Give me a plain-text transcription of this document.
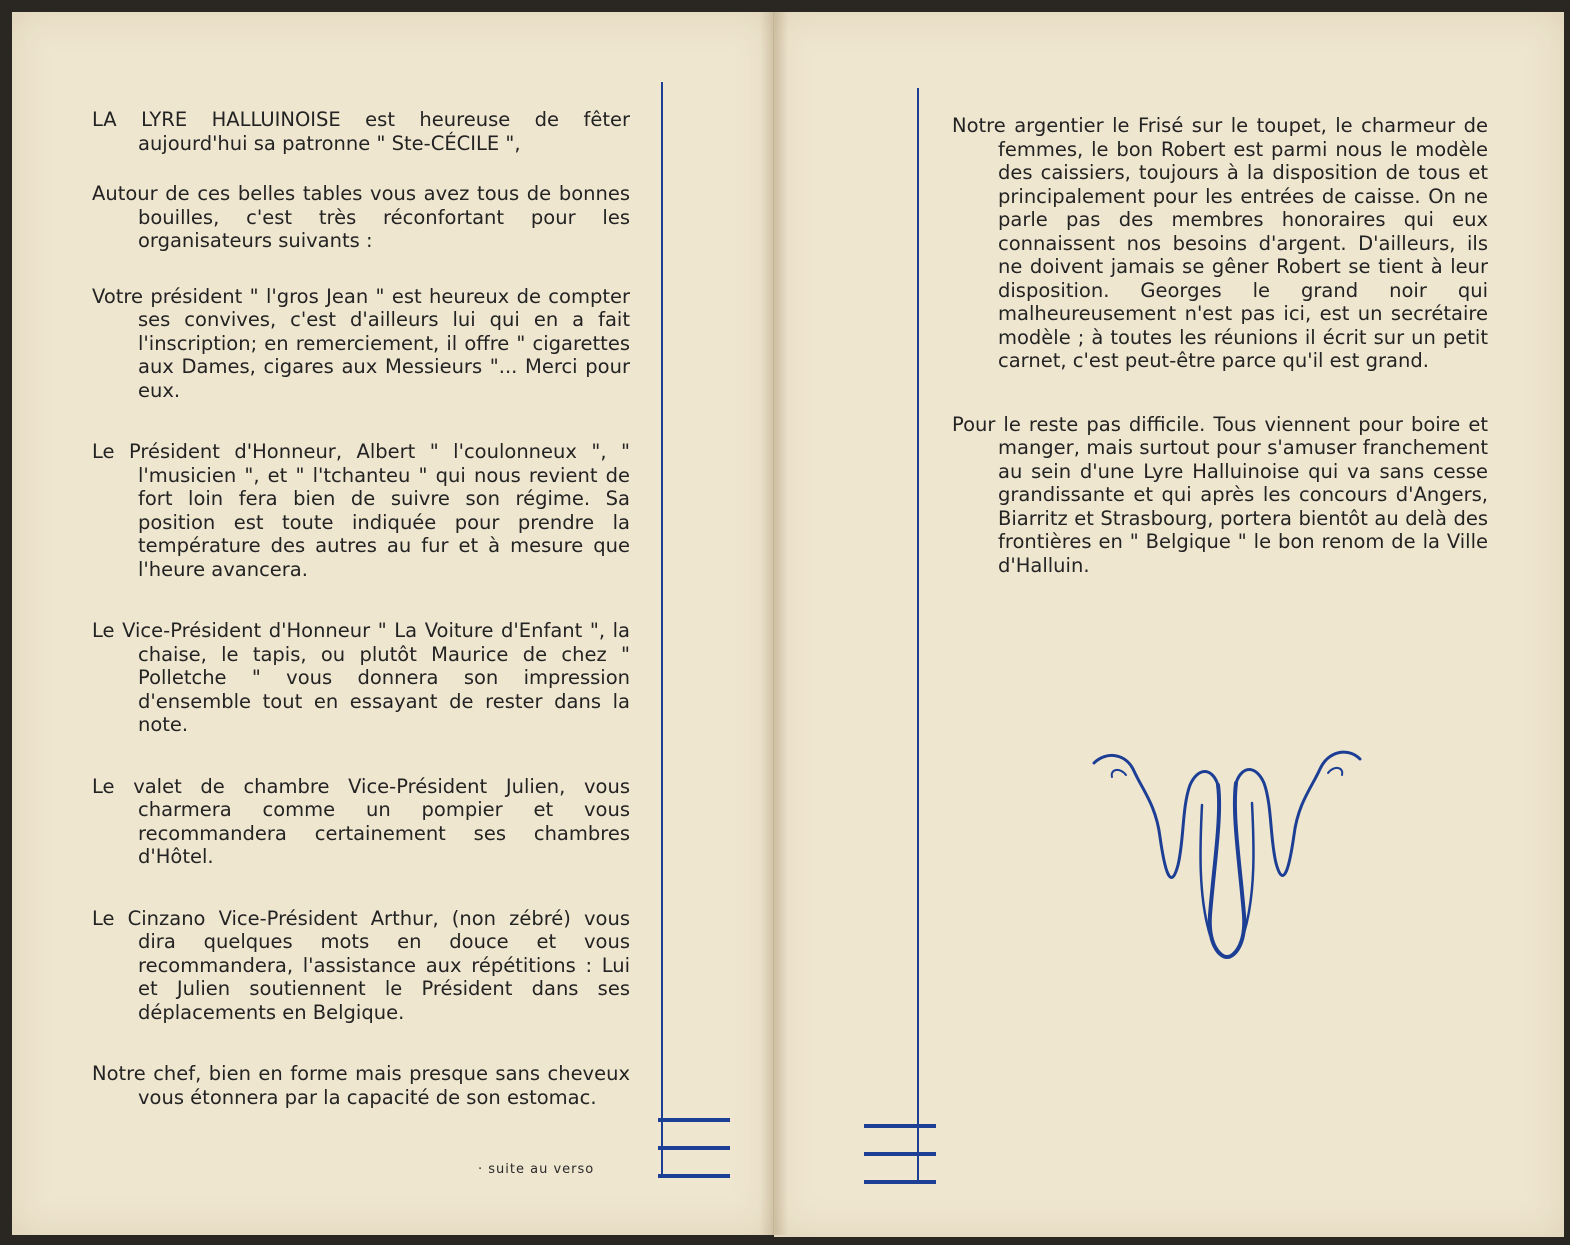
LA LYRE HALLUINOISE est heureuse de fêter aujourd'hui sa patronne " Ste-CÉCILE ",

Autour de ces belles tables vous avez tous de bonnes bouilles, c'est très réconfortant pour les organisateurs suivants :

Votre président " l'gros Jean " est heureux de compter ses convives, c'est d'ailleurs lui qui en a fait l'inscription; en remerciement, il offre " cigarettes aux Dames, cigares aux Messieurs "... Merci pour eux.

Le Président d'Honneur, Albert " l'coulonneux ", " l'musicien ", et " l'tchanteu " qui nous revient de fort loin fera bien de suivre son régime. Sa position est toute indiquée pour prendre la température des autres au fur et à mesure que l'heure avancera.

Le Vice-Président d'Honneur " La Voiture d'Enfant ", la chaise, le tapis, ou plutôt Maurice de chez " Polletche " vous donnera son impression d'ensemble tout en essayant de rester dans la note.

Le valet de chambre Vice-Président Julien, vous charmera comme un pompier et vous recommandera certainement ses chambres d'Hôtel.

Le Cinzano Vice-Président Arthur, (non zébré) vous dira quelques mots en douce et vous recommandera, l'assistance aux répétitions : Lui et Julien soutiennent le Président dans ses déplacements en Belgique.

Notre chef, bien en forme mais presque sans cheveux vous étonnera par la capacité de son estomac.

· suite au verso

Notre argentier le Frisé sur le toupet, le charmeur de femmes, le bon Robert est parmi nous le modèle des caissiers, toujours à la disposition de tous et principalement pour les entrées de caisse. On ne parle pas des membres honoraires qui eux connaissent nos besoins d'argent. D'ailleurs, ils ne doivent jamais se gêner Robert se tient à leur disposition. Georges le grand noir qui malheureusement n'est pas ici, est un secrétaire modèle ; à toutes les réunions il écrit sur un petit carnet, c'est peut-être parce qu'il est grand.

Pour le reste pas difficile. Tous viennent pour boire et manger, mais surtout pour s'amuser franchement au sein d'une Lyre Halluinoise qui va sans cesse grandissante et qui après les concours d'Angers, Biarritz et Strasbourg, portera bientôt au delà des frontières en " Belgique " le bon renom de la Ville d'Halluin.
